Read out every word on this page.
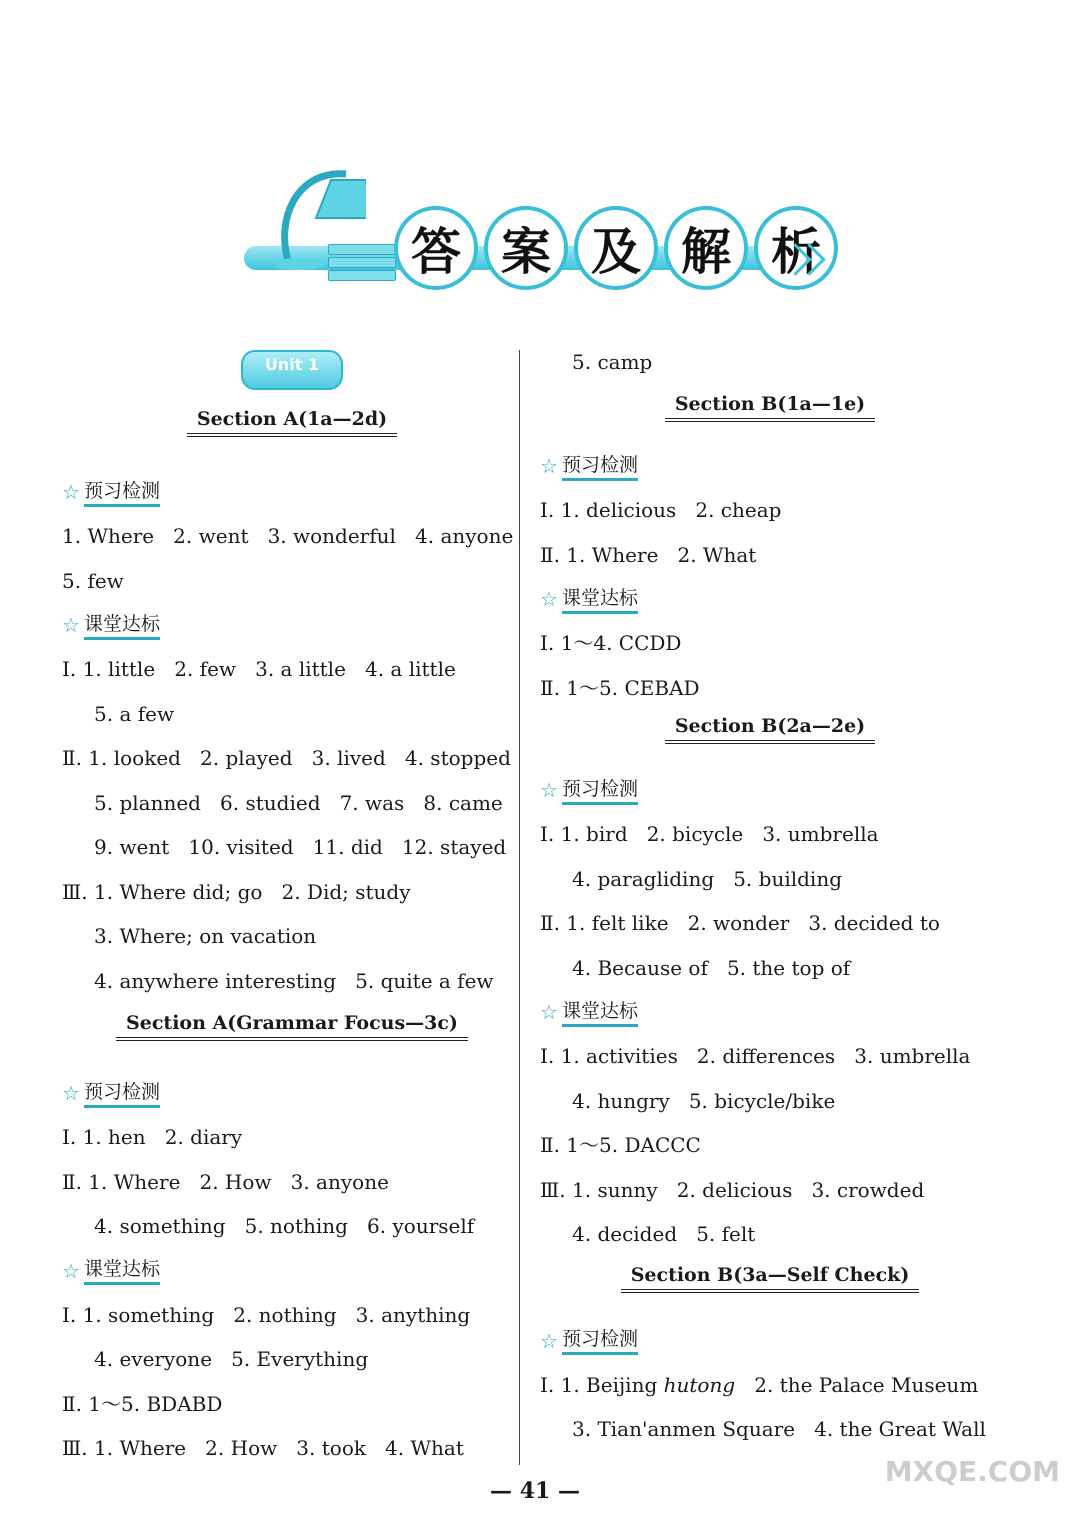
答 案 及 解 析
Unit 1
Section A(1a—2d)
☆ 预习检测
1. Where   2. went   3. wonderful   4. anyone
5. few
☆ 课堂达标
Ⅰ. 1. little   2. few   3. a little   4. a little
5. a few
Ⅱ. 1. looked   2. played   3. lived   4. stopped
5. planned   6. studied   7. was   8. came
9. went   10. visited   11. did   12. stayed
Ⅲ. 1. Where did; go   2. Did; study
3. Where; on vacation
4. anywhere interesting   5. quite a few
Section A(Grammar Focus—3c)
☆ 预习检测
Ⅰ. 1. hen   2. diary
Ⅱ. 1. Where   2. How   3. anyone
4. something   5. nothing   6. yourself
☆ 课堂达标
Ⅰ. 1. something   2. nothing   3. anything
4. everyone   5. Everything
Ⅱ. 1～5. BDABD
Ⅲ. 1. Where   2. How   3. took   4. What
5. camp
Section B(1a—1e)
☆ 预习检测
Ⅰ. 1. delicious   2. cheap
Ⅱ. 1. Where   2. What
☆ 课堂达标
Ⅰ. 1～4. CCDD
Ⅱ. 1～5. CEBAD
Section B(2a—2e)
☆ 预习检测
Ⅰ. 1. bird   2. bicycle   3. umbrella
4. paragliding   5. building
Ⅱ. 1. felt like   2. wonder   3. decided to
4. Because of   5. the top of
☆ 课堂达标
Ⅰ. 1. activities   2. differences   3. umbrella
4. hungry   5. bicycle/bike
Ⅱ. 1～5. DACCC
Ⅲ. 1. sunny   2. delicious   3. crowded
4. decided   5. felt
Section B(3a—Self Check)
☆ 预习检测
Ⅰ. 1. Beijing hutong   2. the Palace Museum
3. Tian'anmen Square   4. the Great Wall
— 41 —
MXQE.COM
